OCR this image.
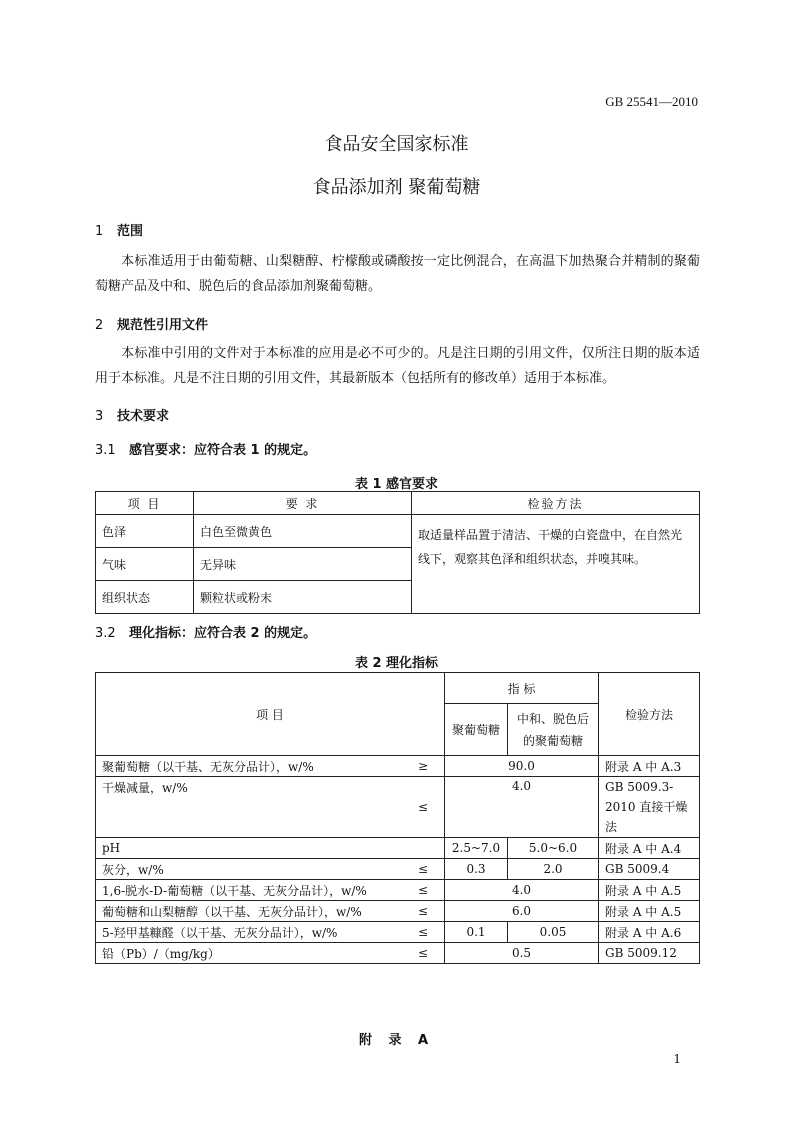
GB 25541—2010
食品安全国家标准
食品添加剂 聚葡萄糖
1 范围
本标准适用于由葡萄糖、山梨糖醇、柠檬酸或磷酸按一定比例混合，在高温下加热聚合并精制的聚葡萄糖产品及中和、脱色后的食品添加剂聚葡萄糖。
2 规范性引用文件
本标准中引用的文件对于本标准的应用是必不可少的。凡是注日期的引用文件，仅所注日期的版本适用于本标准。凡是不注日期的引用文件，其最新版本（包括所有的修改单）适用于本标准。
3 技术要求
3.1 感官要求：应符合表 1 的规定。
表 1 感官要求
项 目	要 求	检验方法
色泽	白色至微黄色	取适量样品置于清洁、干燥的白瓷盘中，在自然光线下，观察其色泽和组织状态，并嗅其味。
气味	无异味	
组织状态	颗粒状或粉末	
3.2 理化指标：应符合表 2 的规定。
表 2 理化指标
项 目		指 标		检验方法
		聚葡萄糖	中和、脱色后的聚葡萄糖	
聚葡萄糖（以干基、无灰分品计），w/%	≥	90.0		附录 A 中 A.3
干燥减量，w/%	≤	4.0		GB 5009.3-2010 直接干燥法
pH		2.5~7.0	5.0~6.0	附录 A 中 A.4
灰分，w/%	≤	0.3	2.0	GB 5009.4
1,6-脱水-D-葡萄糖（以干基、无灰分品计），w/%	≤	4.0		附录 A 中 A.5
葡萄糖和山梨糖醇（以干基、无灰分品计），w/%	≤	6.0		附录 A 中 A.5
5-羟甲基糠醛（以干基、无灰分品计），w/%	≤	0.1	0.05	附录 A 中 A.6
铅（Pb）/（mg/kg）	≤	0.5		GB 5009.12
附 录 A
1
